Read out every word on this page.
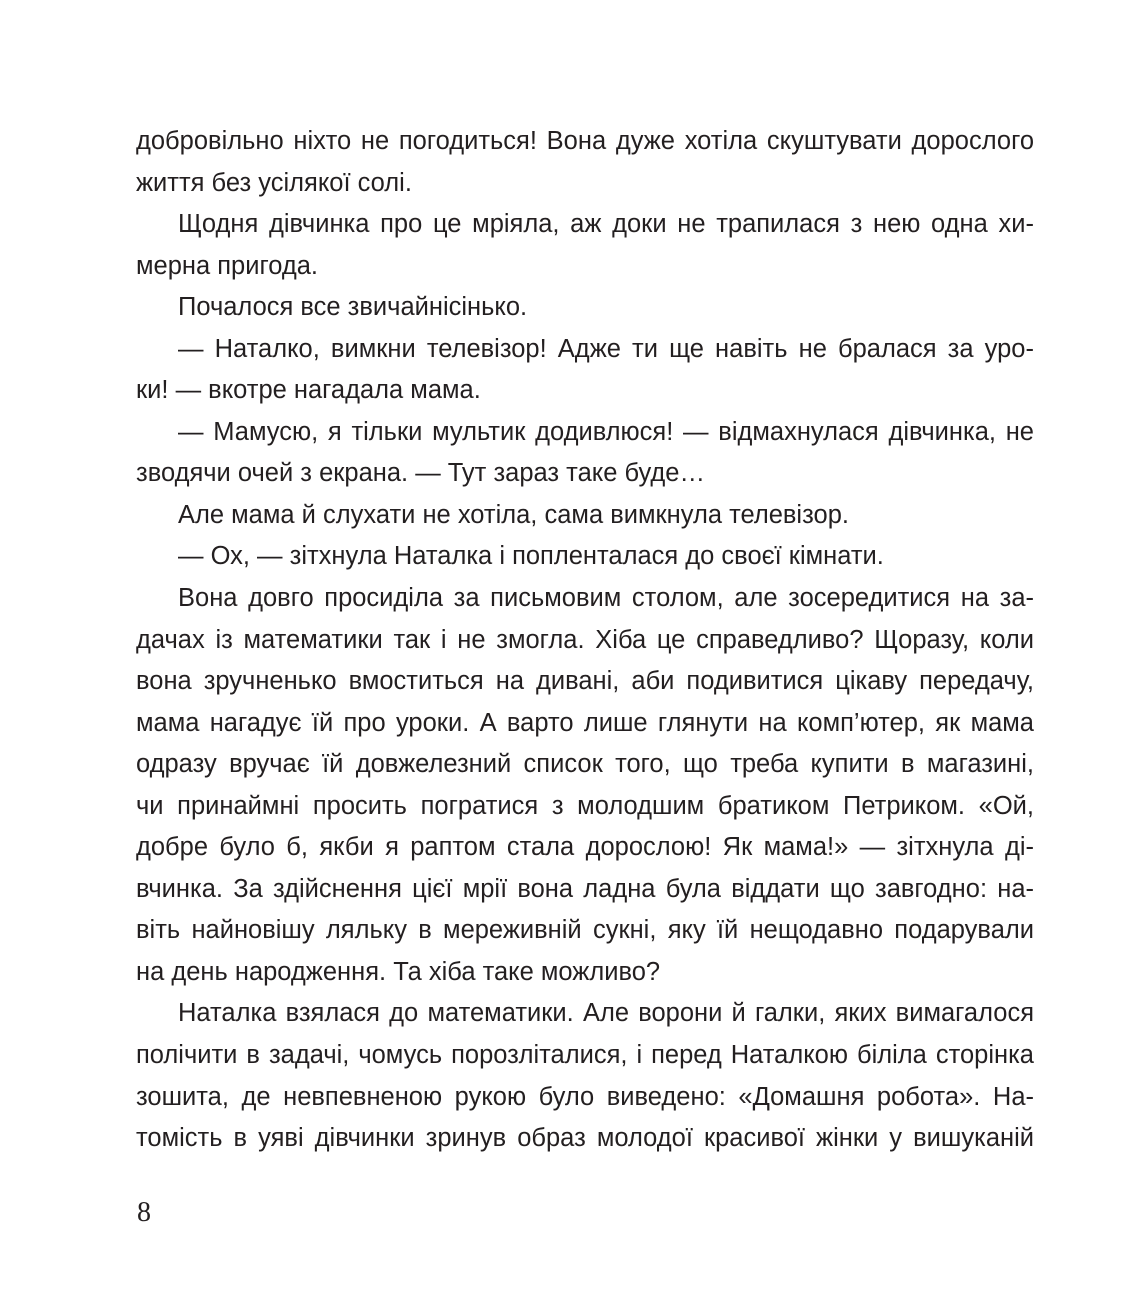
добровільно ніхто не погодиться! Вона дуже хотіла скуштувати дорослого
життя без усілякої солі.
Щодня дівчинка про це мріяла, аж доки не трапилася з нею одна хи-
мерна пригода.
Почалося все звичайнісінько.
— Наталко, вимкни телевізор! Адже ти ще навіть не бралася за уро-
ки! — вкотре нагадала мама.
— Мамусю, я тільки мультик додивлюся! — відмахнулася дівчинка, не
зводячи очей з екрана. — Тут зараз таке буде…
Але мама й слухати не хотіла, сама вимкнула телевізор.
— Ох, — зітхнула Наталка і попленталася до своєї кімнати.
Вона довго просиділа за письмовим столом, але зосередитися на за-
дачах із математики так і не змогла. Хіба це справедливо? Щоразу, коли
вона зручненько вмоститься на дивані, аби подивитися цікаву передачу,
мама нагадує їй про уроки. А варто лише глянути на комп’ютер, як мама
одразу вручає їй довжелезний список того, що треба купити в магазині,
чи принаймні просить погратися з молодшим братиком Петриком. «Ой,
добре було б, якби я раптом стала дорослою! Як мама!» — зітхнула ді-
вчинка. За здійснення цієї мрії вона ладна була віддати що завгодно: на-
віть найновішу ляльку в мереживній сукні, яку їй нещодавно подарували
на день народження. Та хіба таке можливо?
Наталка взялася до математики. Але ворони й галки, яких вимагалося
полічити в задачі, чомусь порозліталися, і перед Наталкою біліла сторінка
зошита, де невпевненою рукою було виведено: «Домашня робота». На-
томість в уяві дівчинки зринув образ молодої красивої жінки у вишуканій
8
